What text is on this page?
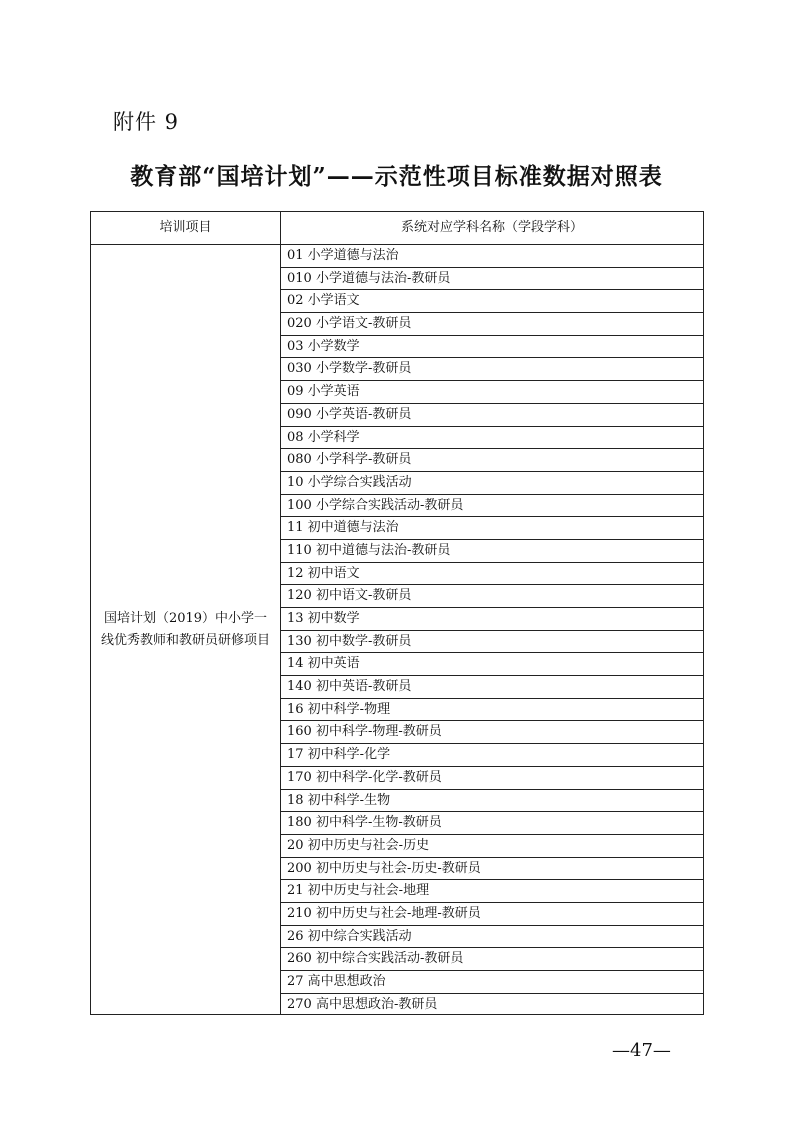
附件 9
教育部“国培计划”——示范性项目标准数据对照表
培训项目	系统对应学科名称（学段学科）
国培计划（2019）中小学一线优秀教师和教研员研修项目
01 小学道德与法治
010 小学道德与法治-教研员
02 小学语文
020 小学语文-教研员
03 小学数学
030 小学数学-教研员
09 小学英语
090 小学英语-教研员
08 小学科学
080 小学科学-教研员
10 小学综合实践活动
100 小学综合实践活动-教研员
11 初中道德与法治
110 初中道德与法治-教研员
12 初中语文
120 初中语文-教研员
13 初中数学
130 初中数学-教研员
14 初中英语
140 初中英语-教研员
16 初中科学-物理
160 初中科学-物理-教研员
17 初中科学-化学
170 初中科学-化学-教研员
18 初中科学-生物
180 初中科学-生物-教研员
20 初中历史与社会-历史
200 初中历史与社会-历史-教研员
21 初中历史与社会-地理
210 初中历史与社会-地理-教研员
26 初中综合实践活动
260 初中综合实践活动-教研员
27 高中思想政治
270 高中思想政治-教研员
—47—
